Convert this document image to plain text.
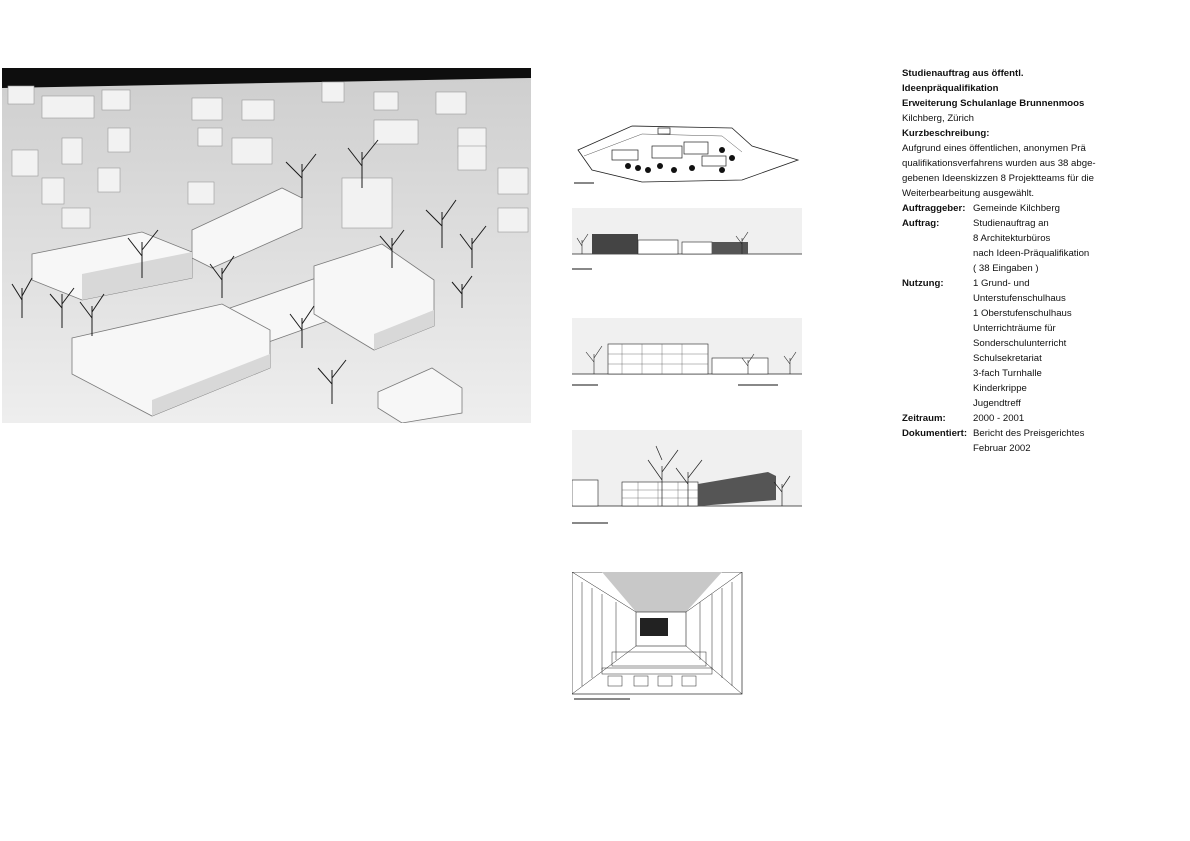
Studienauftrag aus öffentl.
Ideenpräqualifikation
Erweiterung Schulanlage Brunnenmoos
Kilchberg, Zürich
Kurzbeschreibung:
Aufgrund eines öffentlichen, anonymen Prä
qualifikationsverfahrens wurden aus 38 abge-
gebenen Ideenskizzen 8 Projektteams für die
Weiterbearbeitung ausgewählt.
Auftraggeber: Gemeinde Kilchberg
Auftrag:	Studienauftrag an
8 Architekturbüros
nach Ideen-Präqualifikation
( 38 Eingaben )
Nutzung:	1 Grund- und
Unterstufenschulhaus
1 Oberstufenschulhaus
Unterrichträume für
Sonderschulunterricht
Schulsekretariat
3-fach Turnhalle
Kinderkrippe
Jugendtreff
Zeitraum:	2000 - 2001
Dokumentiert: Bericht des Preisgerichtes
Februar 2002
